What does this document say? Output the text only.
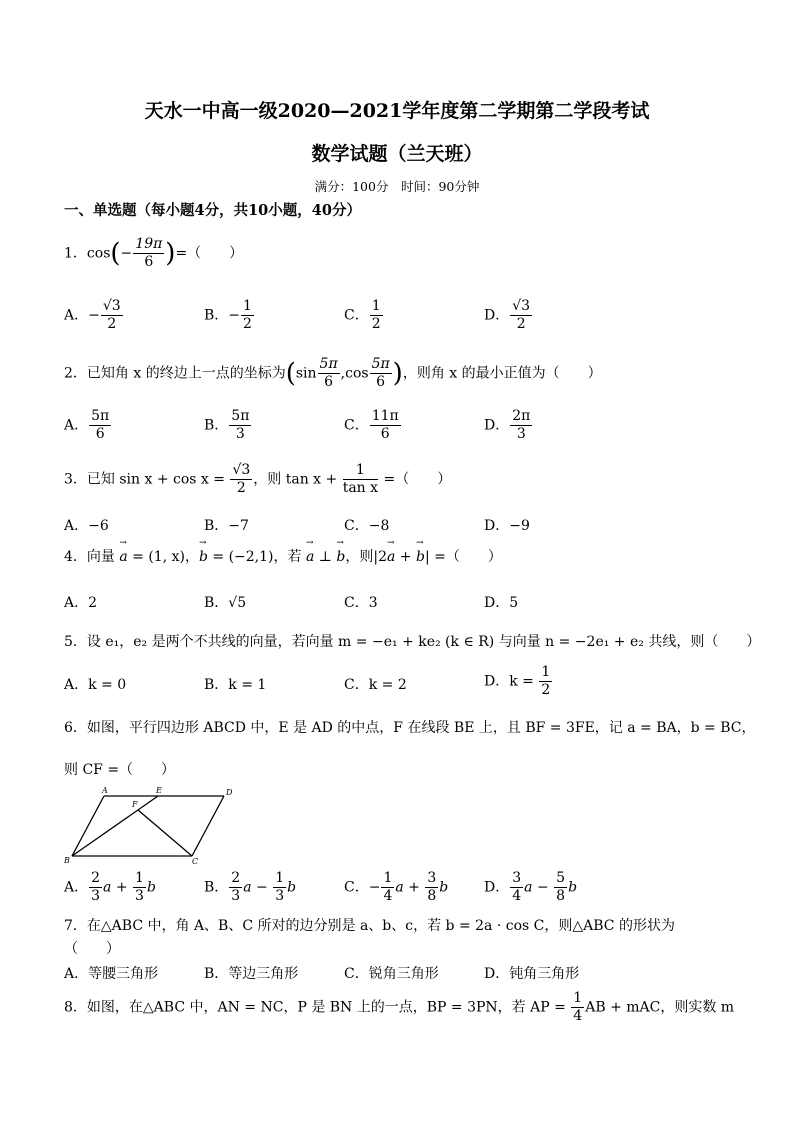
天水一中高一级2020—2021学年度第二学期第二学段考试
数学试题（兰天班）
满分：100分　时间：90分钟
一、单选题（每小题4分，共10小题，40分）
1．$\cos(- \frac{19\pi}{6}$ )=（　　）
A．− $\frac{√3}{2}$	B．− $\frac{1}{2}$	C． $\frac{1}{2}$	D． $\frac{√3}{2}$
2．已知角 x 的终边上一点的坐标为($\sin \frac{5\pi}{6} ,\cos \frac{5\pi}{6}$ )，则角 x 的最小正值为（　　）
A． $\frac{5\pi}{6}$	B． $\frac{5\pi}{3}$	C． $\frac{11\pi}{6}$	D． $\frac{2\pi}{3}$
3．已知 $\sin x + \cos x = \frac{√3}{2}$ ，则 $\tan x + \frac{1}{\text{tan x}}$ =（　　）
A．−6	B．−7	C．−8	D．−9
4．向量 → a = (1, x)，→ b = (−2,1)，若 → a ⊥ → b，则|2→ a + → b| =（　　）
A．2	B．√5	C．3	D．5
5．设 e₁，e₂ 是两个不共线的向量，若向量 m = −e₁ + ke₂ (k ∈ R) 与向量 n = −2e₁ + e₂ 共线，则（　　）
A．k = 0	B．k = 1	C．k = 2	D．$k = \frac{1}{2}$
6．如图，平行四边形 ABCD 中，E 是 AD 的中点，F 在线段 BE 上，且 BF = 3FE，记 a = BA，b = BC，
则 CF =（　　）
A	E	D
F
B	C
A． $\frac{2}{3}$ $a + \frac{1}{3}$ b	B． $\frac{2}{3}$ $a - \frac{1}{3}$ b	C．− $\frac{1}{4}$ $a + \frac{3}{8}$ b	D． $\frac{3}{4}$ $a - \frac{5}{8}$ b
7．在△ABC 中，角 A、B、C 所对的边分别是 a、b、c，若 b = 2a · cos C，则△ABC 的形状为
（　　）
A．等腰三角形	B．等边三角形	C．锐角三角形	D．钝角三角形
8．如图，在△ABC 中，AN = NC，P 是 BN 上的一点，BP = 3PN，若 AP = $\frac{1}{4}$ AB + mAC，则实数 m
